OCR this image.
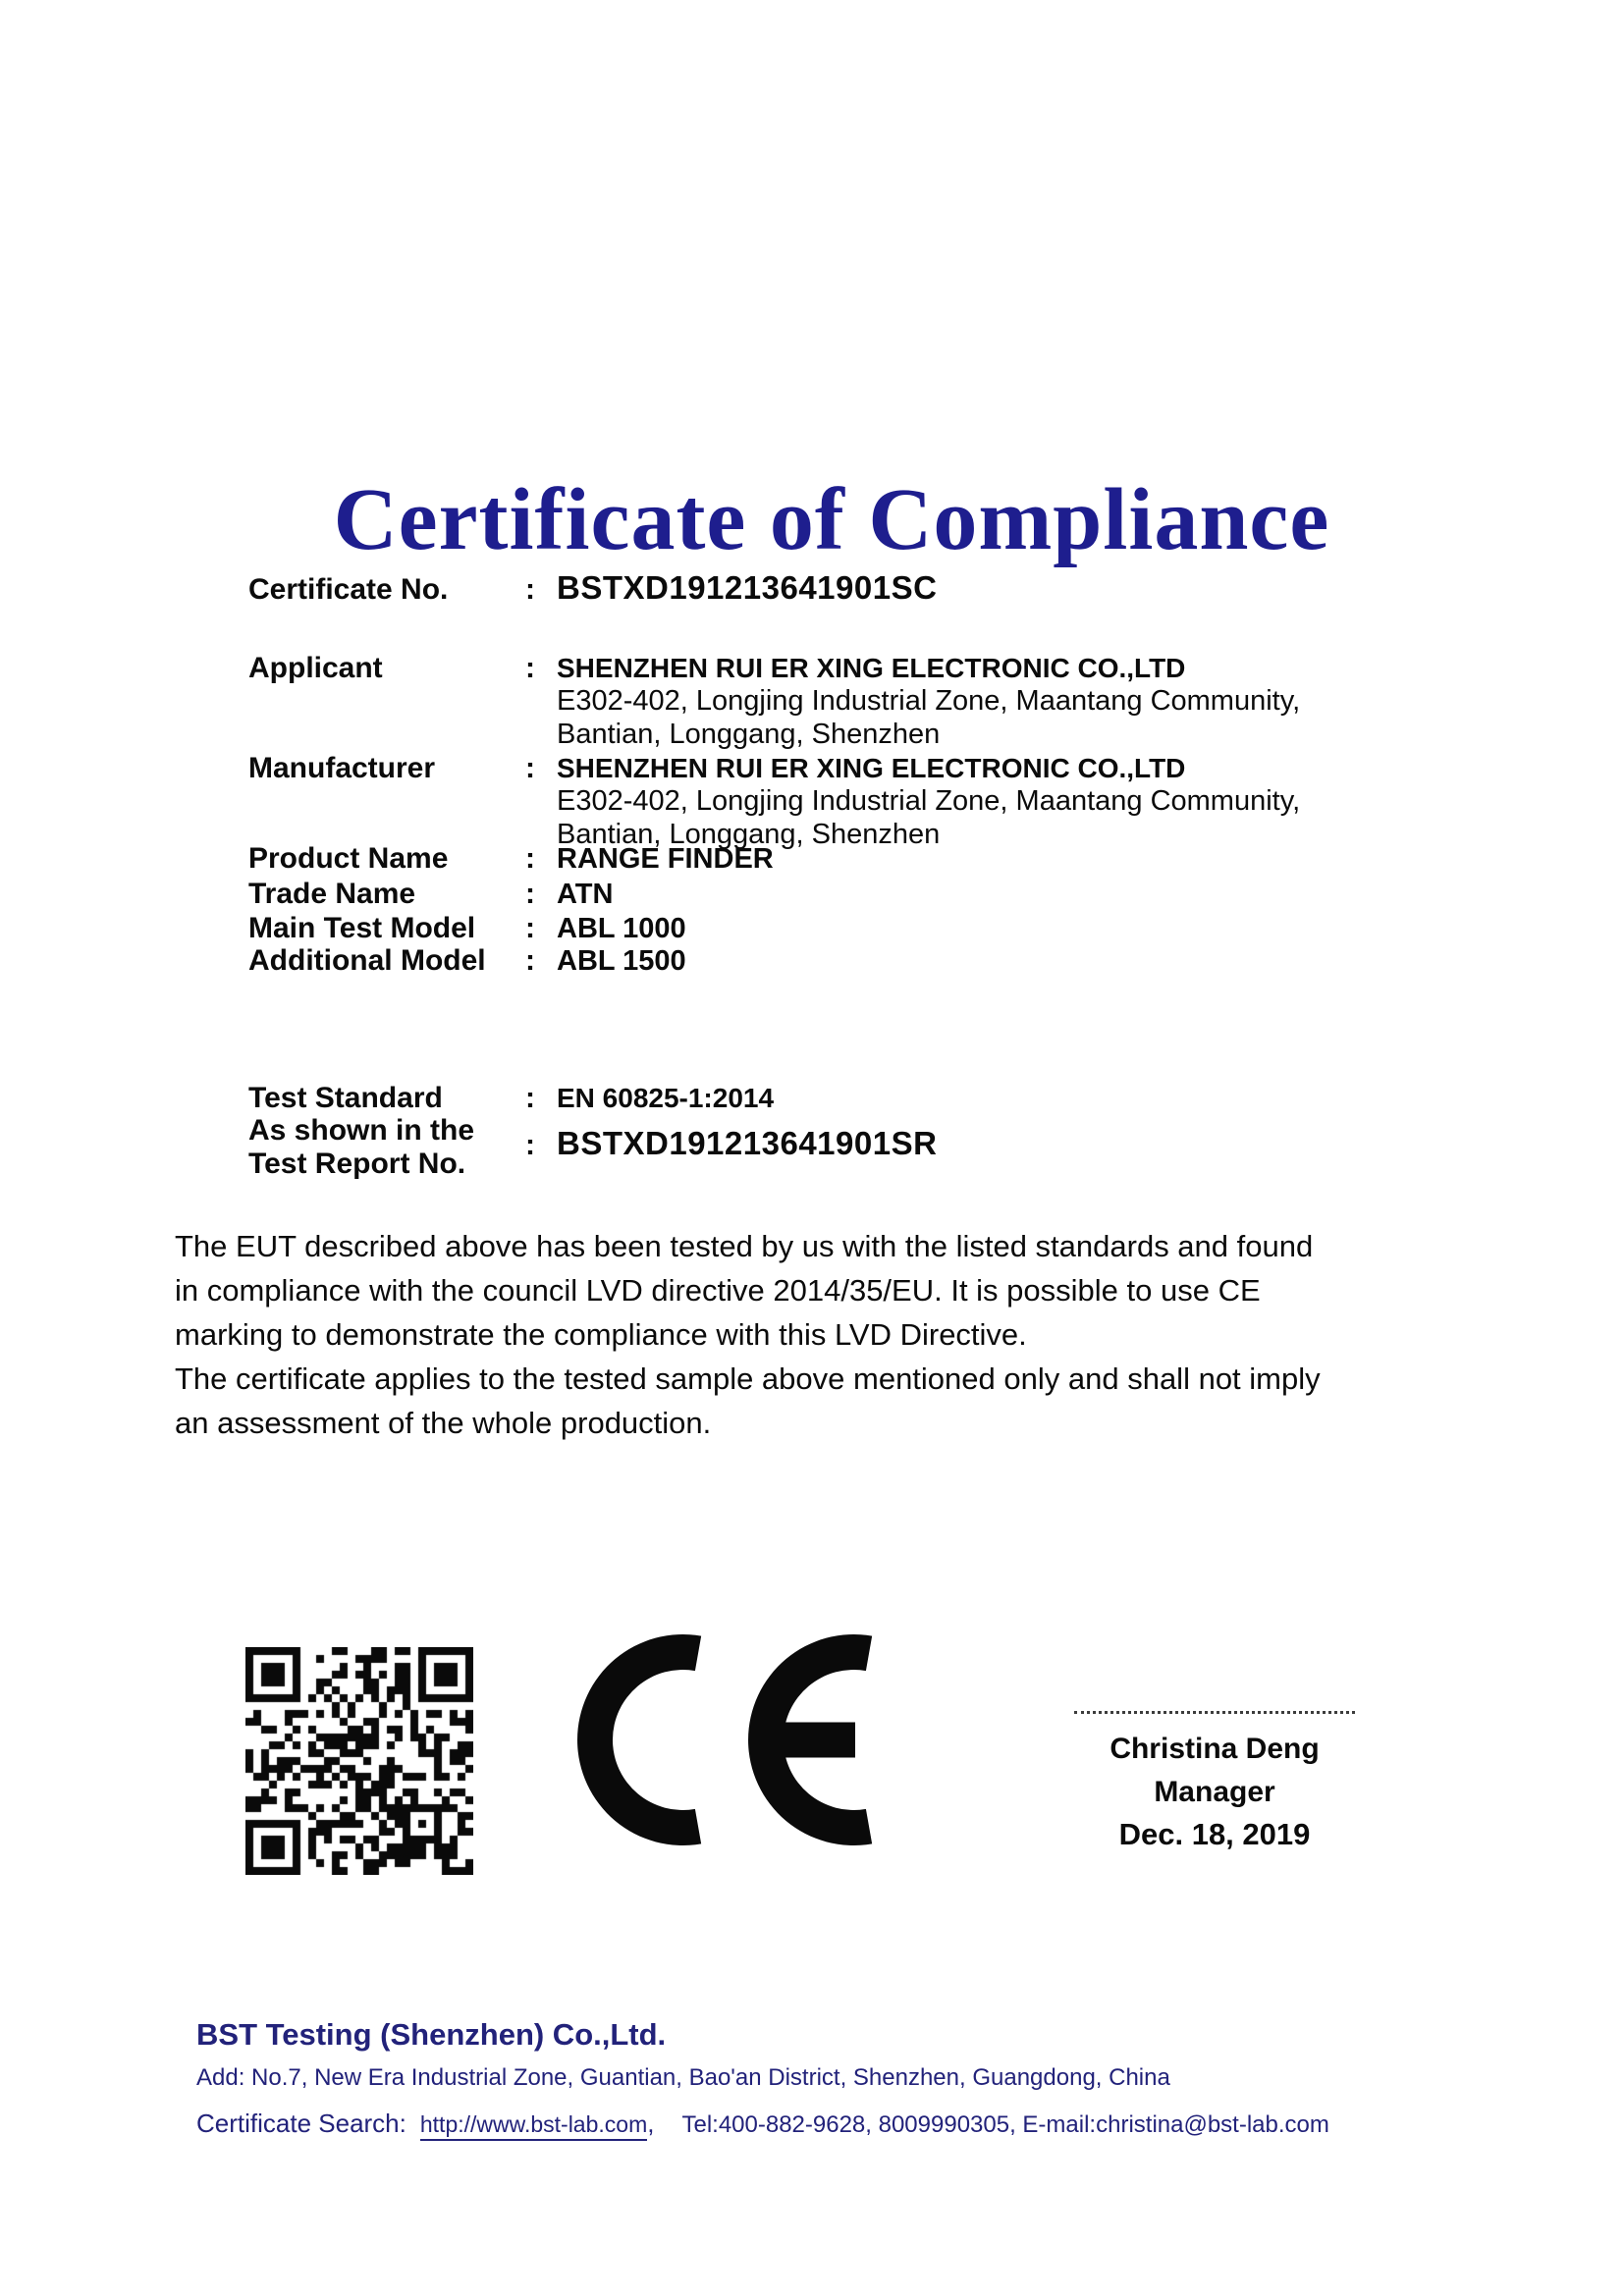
Certificate of Compliance
Certificate No.	: BSTXD191213641901SC
Applicant	: SHENZHEN RUI ER XING ELECTRONIC CO.,LTD
E302-402, Longjing Industrial Zone, Maantang Community,
Bantian, Longgang, Shenzhen
Manufacturer	: SHENZHEN RUI ER XING ELECTRONIC CO.,LTD
E302-402, Longjing Industrial Zone, Maantang Community,
Bantian, Longgang, Shenzhen
Product Name	: RANGE FINDER
Trade Name	: ATN
Main Test Model	: ABL 1000
Additional Model	: ABL 1500
Test Standard	: EN 60825-1:2014
As shown in the
Test Report No.
: BSTXD191213641901SR
The EUT described above has been tested by us with the listed standards and found
in compliance with the council LVD directive 2014/35/EU. It is possible to use CE
marking to demonstrate the compliance with this LVD Directive.
The certificate applies to the tested sample above mentioned only and shall not imply
an assessment of the whole production.
Christina Deng
Manager
Dec. 18, 2019
BST Testing (Shenzhen) Co.,Ltd.
Add: No.7, New Era Industrial Zone, Guantian, Bao'an District, Shenzhen, Guangdong, China
Certificate Search: http://www.bst-lab.com , Tel:400-882-9628, 8009990305, E-mail:christina@bst-lab.com
